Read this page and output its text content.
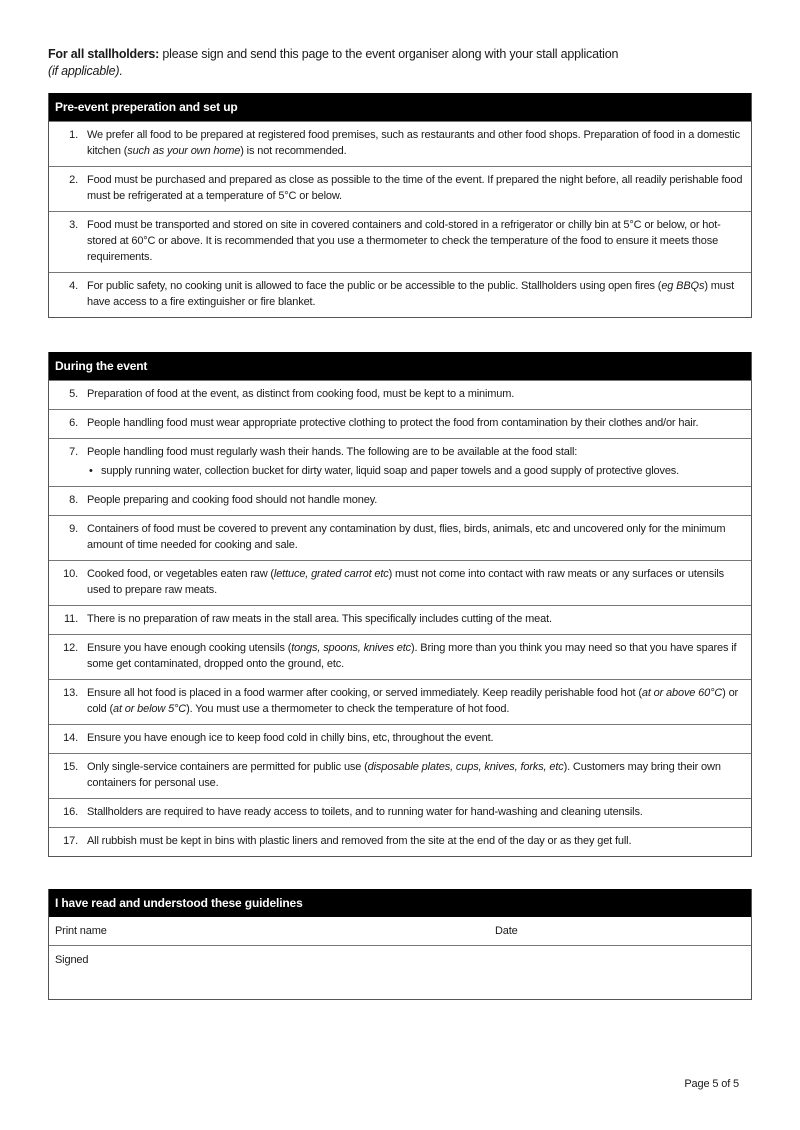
For all stallholders: please sign and send this page to the event organiser along with your stall application
(if applicable).
Pre-event preperation and set up
1. We prefer all food to be prepared at registered food premises, such as restaurants and other food shops. Preparation of food in a domestic kitchen (such as your own home) is not recommended.
2. Food must be purchased and prepared as close as possible to the time of the event. If prepared the night before, all readily perishable food must be refrigerated at a temperature of 5°C or below.
3. Food must be transported and stored on site in covered containers and cold-stored in a refrigerator or chilly bin at 5°C or below, or hot-stored at 60°C or above. It is recommended that you use a thermometer to check the temperature of the food to ensure it meets those requirements.
4. For public safety, no cooking unit is allowed to face the public or be accessible to the public. Stallholders using open fires (eg BBQs) must have access to a fire extinguisher or fire blanket.
During the event
5. Preparation of food at the event, as distinct from cooking food, must be kept to a minimum.
6. People handling food must wear appropriate protective clothing to protect the food from contamination by their clothes and/or hair.
7. People handling food must regularly wash their hands. The following are to be available at the food stall:
• supply running water, collection bucket for dirty water, liquid soap and paper towels and a good supply of protective gloves.
8. People preparing and cooking food should not handle money.
9. Containers of food must be covered to prevent any contamination by dust, flies, birds, animals, etc and uncovered only for the minimum amount of time needed for cooking and sale.
10. Cooked food, or vegetables eaten raw (lettuce, grated carrot etc) must not come into contact with raw meats or any surfaces or utensils used to prepare raw meats.
11. There is no preparation of raw meats in the stall area. This specifically includes cutting of the meat.
12. Ensure you have enough cooking utensils (tongs, spoons, knives etc). Bring more than you think you may need so that you have spares if some get contaminated, dropped onto the ground, etc.
13. Ensure all hot food is placed in a food warmer after cooking, or served immediately. Keep readily perishable food hot (at or above 60°C) or cold (at or below 5°C). You must use a thermometer to check the temperature of hot food.
14. Ensure you have enough ice to keep food cold in chilly bins, etc, throughout the event.
15. Only single-service containers are permitted for public use (disposable plates, cups, knives, forks, etc). Customers may bring their own containers for personal use.
16. Stallholders are required to have ready access to toilets, and to running water for hand-washing and cleaning utensils.
17. All rubbish must be kept in bins with plastic liners and removed from the site at the end of the day or as they get full.
I have read and understood these guidelines
Print name	Date
Signed
Page 5 of 5
